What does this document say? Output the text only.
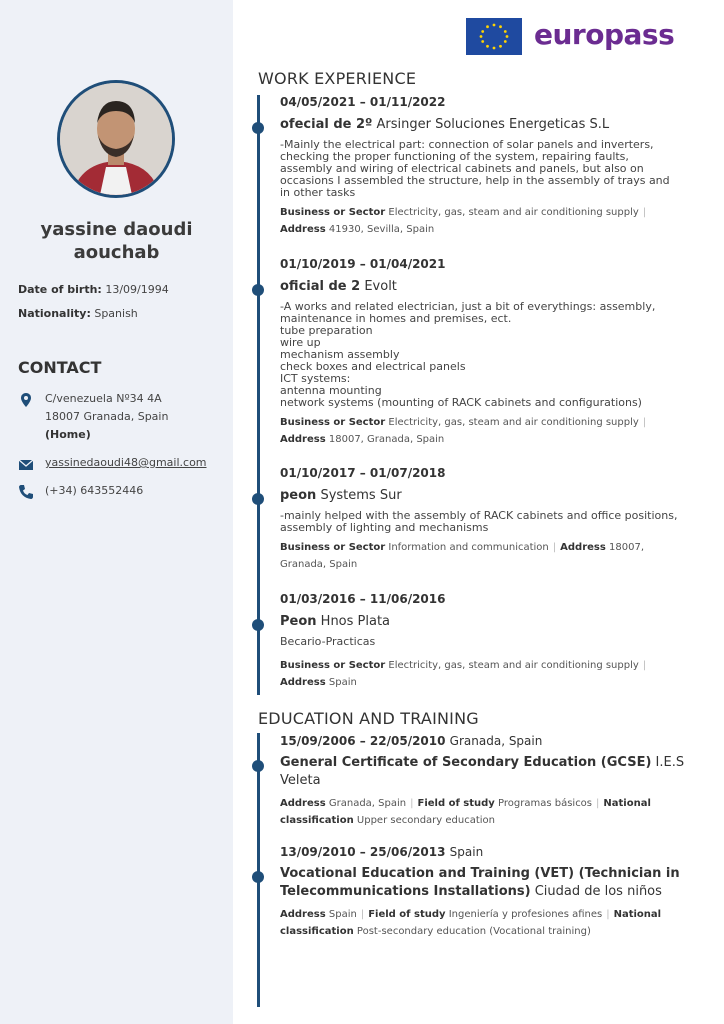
yassine daoudi
aouchab
Date of birth: 13/09/1994
Nationality: Spanish
CONTACT
C/venezuela Nº34 4A
18007 Granada, Spain
(Home)
yassinedaoudi48@gmail.com
(+34) 643552446
europass
WORK EXPERIENCE
04/05/2021 – 01/11/2022
ofecial de 2º Arsinger Soluciones Energeticas S.L
-Mainly the electrical part: connection of solar panels and inverters,
checking the proper functioning of the system, repairing faults,
assembly and wiring of electrical cabinets and panels, but also on
occasions I assembled the structure, help in the assembly of trays and
in other tasks
Business or Sector Electricity, gas, steam and air conditioning supply |
Address 41930, Sevilla, Spain
01/10/2019 – 01/04/2021
oficial de 2 Evolt
-A works and related electrician, just a bit of everythings: assembly,
maintenance in homes and premises, ect.
tube preparation
wire up
mechanism assembly
check boxes and electrical panels
ICT systems:
antenna mounting
network systems (mounting of RACK cabinets and configurations)
Business or Sector Electricity, gas, steam and air conditioning supply |
Address 18007, Granada, Spain
01/10/2017 – 01/07/2018
peon Systems Sur
-mainly helped with the assembly of RACK cabinets and office positions,
assembly of lighting and mechanisms
Business or Sector Information and communication | Address 18007,
Granada, Spain
01/03/2016 – 11/06/2016
Peon Hnos Plata
Becario-Practicas
Business or Sector Electricity, gas, steam and air conditioning supply |
Address Spain
EDUCATION AND TRAINING
15/09/2006 – 22/05/2010 Granada, Spain
General Certificate of Secondary Education (GCSE) I.E.S
Veleta
Address Granada, Spain | Field of study Programas básicos | National
classification Upper secondary education
13/09/2010 – 25/06/2013 Spain
Vocational Education and Training (VET) (Technician in
Telecommunications Installations) Ciudad de los niños
Address Spain | Field of study Ingeniería y profesiones afines | National
classification Post-secondary education (Vocational training)
